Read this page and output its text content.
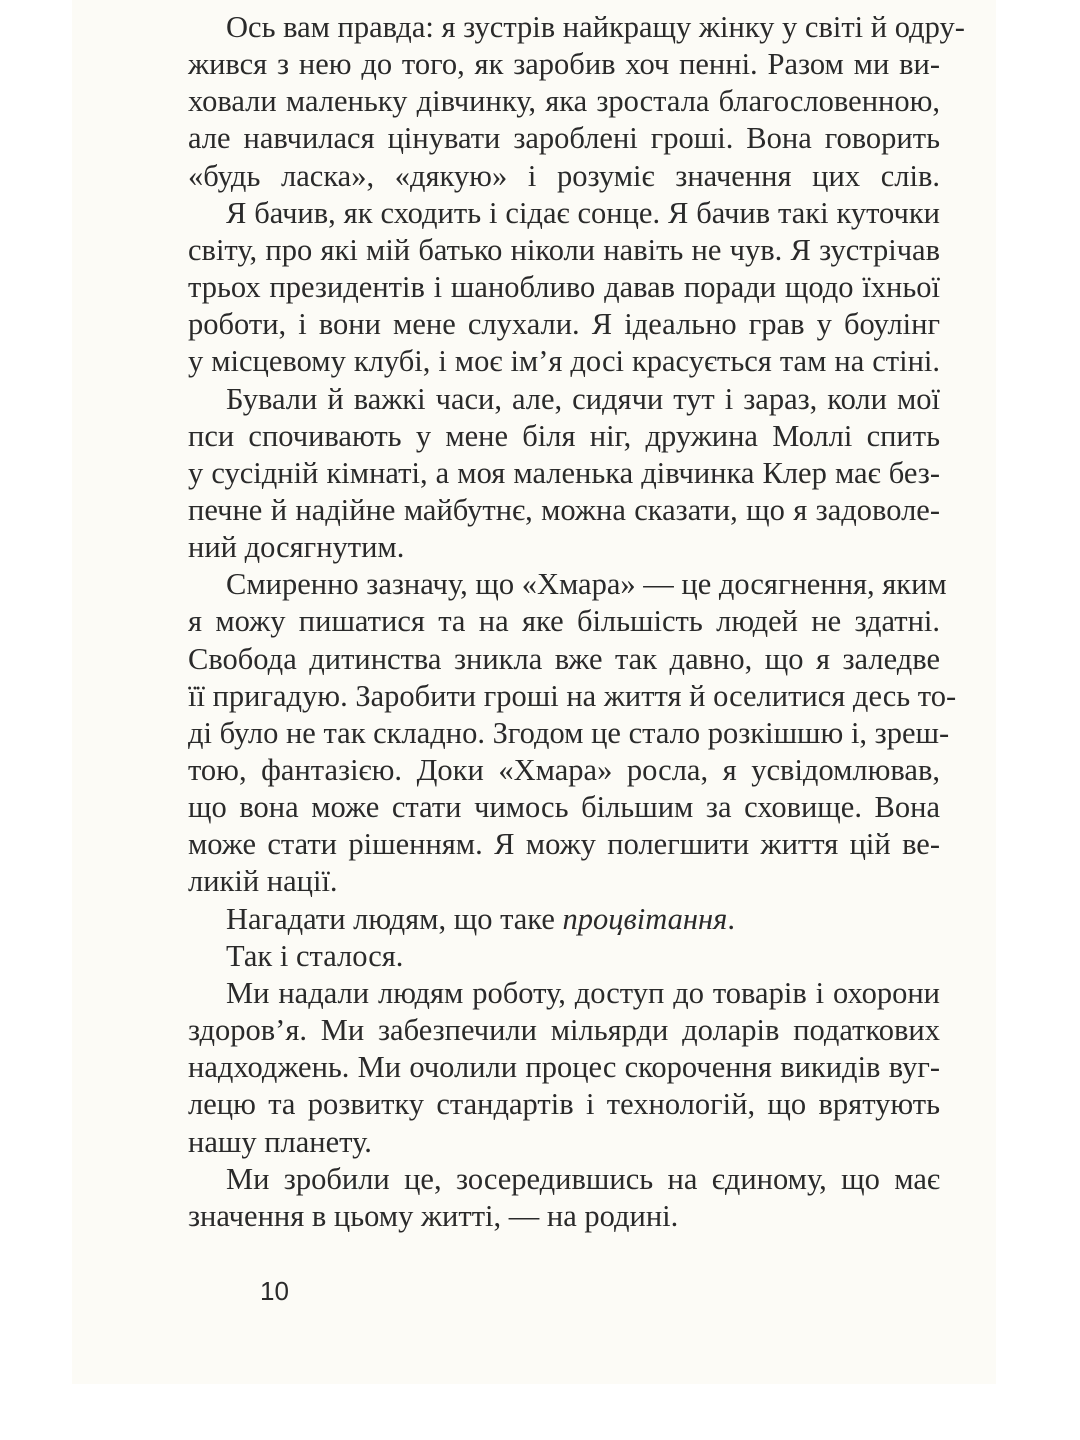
Ось вам правда: я зустрів найкращу жінку у світі й одру-
жився з нею до того, як заробив хоч пенні. Разом ми ви-
ховали маленьку дівчинку, яка зростала благословенною,
але навчилася цінувати зароблені гроші. Вона говорить
«будь ласка», «дякую» і розуміє значення цих слів.
Я бачив, як сходить і сідає сонце. Я бачив такі куточки
світу, про які мій батько ніколи навіть не чув. Я зустрічав
трьох президентів і шанобливо давав поради щодо їхньої
роботи, і вони мене слухали. Я ідеально грав у боулінг
у місцевому клубі, і моє ім’я досі красується там на стіні.
Бували й важкі часи, але, сидячи тут і зараз, коли мої
пси спочивають у мене біля ніг, дружина Моллі спить
у сусідній кімнаті, а моя маленька дівчинка Клер має без-
печне й надійне майбутнє, можна сказати, що я задоволе-
ний досягнутим.
Смиренно зазначу, що «Хмара» — це досягнення, яким
я можу пишатися та на яке більшість людей не здатні.
Свобода дитинства зникла вже так давно, що я заледве
її пригадую. Заробити гроші на життя й оселитися десь то-
ді було не так складно. Згодом це стало розкішшю і, зреш-
тою, фантазією. Доки «Хмара» росла, я усвідомлював,
що вона може стати чимось більшим за сховище. Вона
може стати рішенням. Я можу полегшити життя цій ве-
ликій нації.
Нагадати людям, що таке процвітання.
Так і сталося.
Ми надали людям роботу, доступ до товарів і охорони
здоров’я. Ми забезпечили мільярди доларів податкових
надходжень. Ми очолили процес скорочення викидів вуг-
лецю та розвитку стандартів і технологій, що врятують
нашу планету.
Ми зробили це, зосередившись на єдиному, що має
значення в цьому житті, — на родині.
10
